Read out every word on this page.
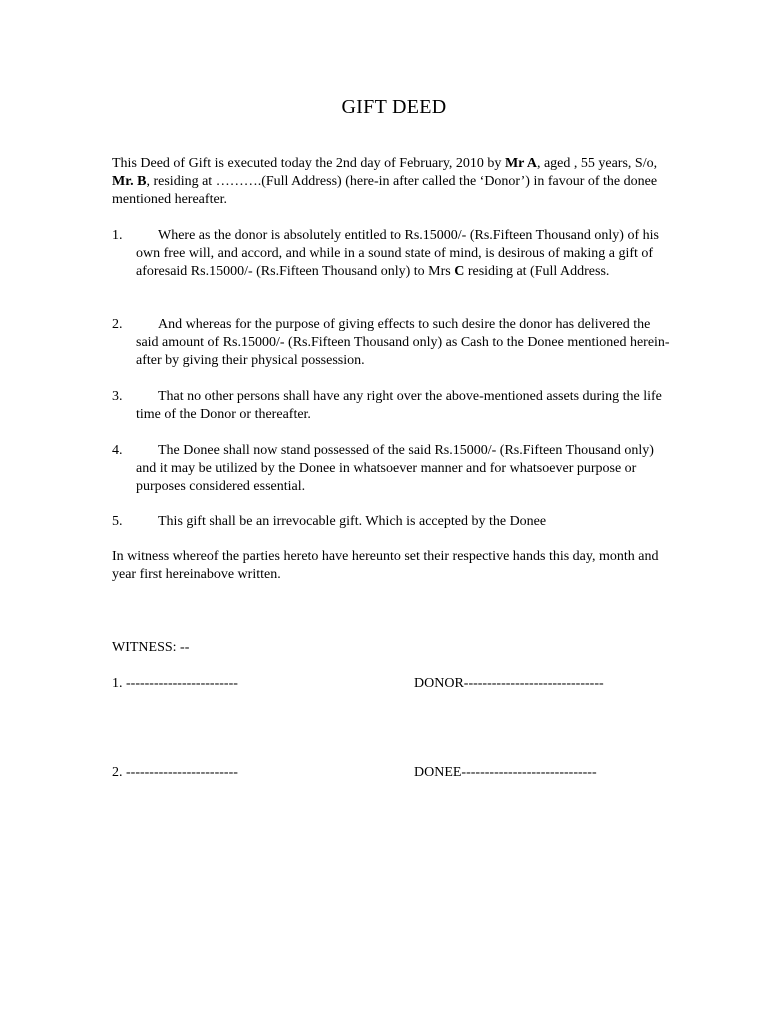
GIFT DEED
This Deed of Gift is executed today the 2nd day of February, 2010 by Mr A, aged , 55 years, S/o, Mr. B, residing at ……….(Full Address) (here-in after called the ‘Donor’) in favour of the donee mentioned hereafter.
1.	Where as the donor is absolutely entitled to Rs.15000/- (Rs.Fifteen Thousand only) of his own free will, and accord, and while in a sound state of mind, is desirous of making a gift of aforesaid Rs.15000/- (Rs.Fifteen Thousand only) to Mrs C residing at (Full Address.
2.	And whereas for the purpose of giving effects to such desire the donor has delivered the said amount of Rs.15000/- (Rs.Fifteen Thousand only) as Cash to the Donee mentioned herein- after by giving their physical possession.
3.	That no other persons shall have any right over the above-mentioned assets during the life time of the Donor or thereafter.
4.	The Donee shall now stand possessed of the said Rs.15000/- (Rs.Fifteen Thousand only) and it may be utilized by the Donee in whatsoever manner and for whatsoever purpose or purposes considered essential.
5.	This gift shall be an irrevocable gift. Which is accepted by the Donee
In witness whereof the parties hereto have hereunto set their respective hands this day, month and year first hereinabove written.
WITNESS: --
1. ------------------------	DONOR------------------------------
2. ------------------------	DONEE-----------------------------
